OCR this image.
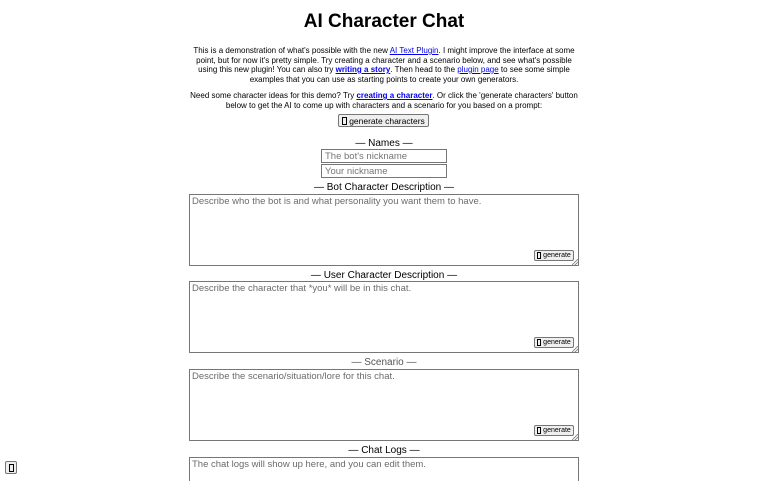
AI Character Chat

This is a demonstration of what's possible with the new AI Text Plugin. I might improve the interface at some point, but for now it's pretty simple. Try creating a character and a scenario below, and see what's possible using this new plugin! You can also try writing a story. Then head to the plugin page to see some simple examples that you can use as starting points to create your own generators.

Need some character ideas for this demo? Try creating a character. Or click the 'generate characters' button below to get the AI to come up with characters and a scenario for you based on a prompt:

generate characters
— Names —
The bot's nickname
Your nickname
— Bot Character Description —
Describe who the bot is and what personality you want them to have.
generate
— User Character Description —
Describe the character that *you* will be in this chat.
generate
— Scenario —
Describe the scenario/situation/lore for this chat.
generate
— Chat Logs —
The chat logs will show up here, and you can edit them.
